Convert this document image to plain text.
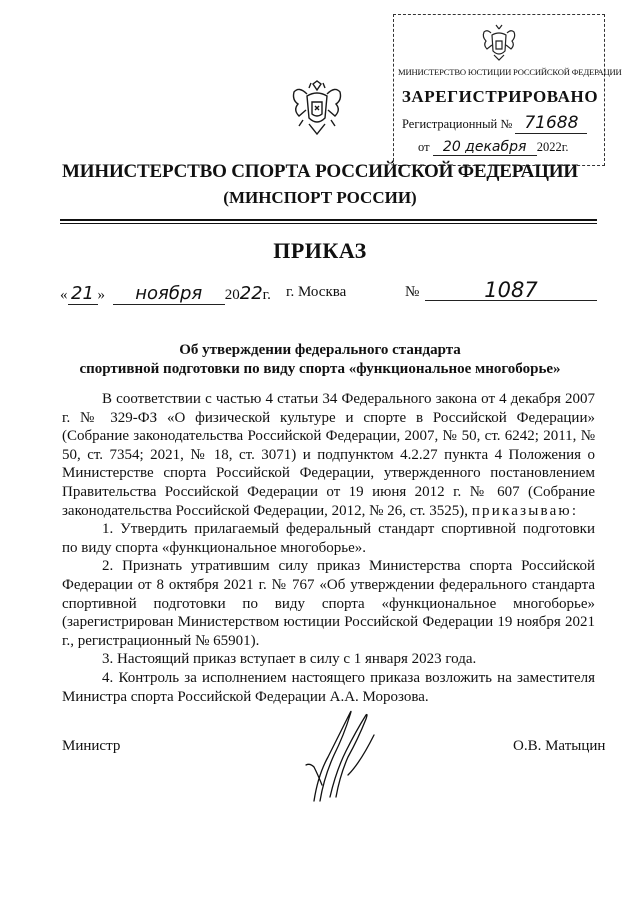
МИНИСТЕРСТВО ЮСТИЦИИ РОССИЙСКОЙ ФЕДЕРАЦИИ
ЗАРЕГИСТРИРОВАНО
Регистрационный № 71688
от 20 декабря 2022г.
МИНИСТЕРСТВО СПОРТА РОССИЙСКОЙ ФЕДЕРАЦИИ
(МИНСПОРТ РОССИИ)
ПРИКАЗ
« 21 » ноября 2022г. г. Москва	№	1087
Об утверждении федерального стандарта
спортивной подготовки по виду спорта «функциональное многоборье»

В соответствии с частью 4 статьи 34 Федерального закона от 4 декабря 2007 г. № 329-ФЗ «О физической культуре и спорте в Российской Федерации» (Собрание законодательства Российской Федерации, 2007, № 50, ст. 6242; 2011, № 50, ст. 7354; 2021, № 18, ст. 3071) и подпунктом 4.2.27 пункта 4 Положения о Министерстве спорта Российской Федерации, утвержденного постановлением Правительства Российской Федерации от 19 июня 2012 г. № 607 (Собрание законодательства Российской Федерации, 2012, № 26, ст. 3525), приказываю:

1. Утвердить прилагаемый федеральный стандарт спортивной подготовки по виду спорта «функциональное многоборье».

2. Признать утратившим силу приказ Министерства спорта Российской Федерации от 8 октября 2021 г. № 767 «Об утверждении федерального стандарта спортивной подготовки по виду спорта «функциональное многоборье» (зарегистрирован Министерством юстиции Российской Федерации 19 ноября 2021 г., регистрационный № 65901).

3. Настоящий приказ вступает в силу с 1 января 2023 года.

4. Контроль за исполнением настоящего приказа возложить на заместителя Министра спорта Российской Федерации А.А. Морозова.

Министр	О.В. Матыцин
